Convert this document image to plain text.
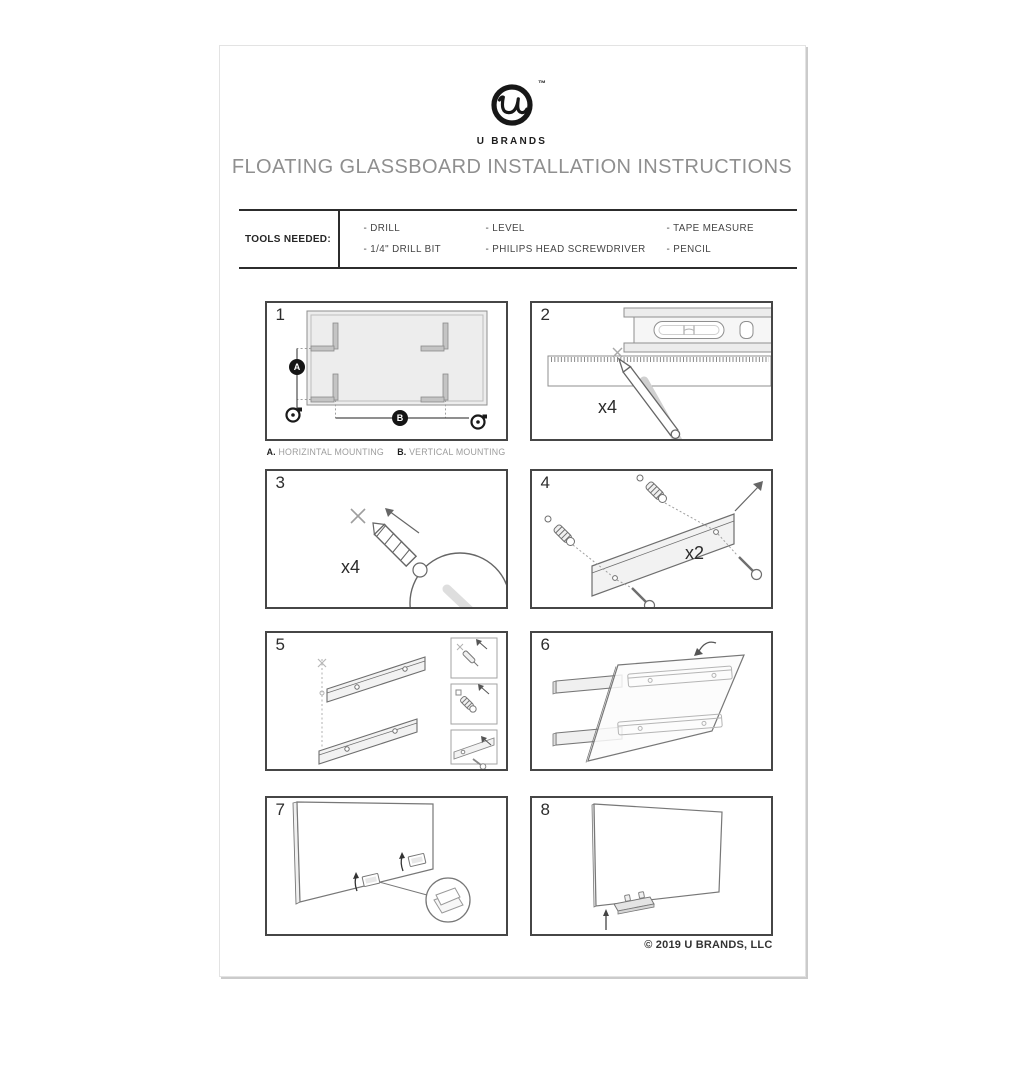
™
U BRANDS
FLOATING GLASSBOARD INSTALLATION INSTRUCTIONS
TOOLS NEEDED:
- DRILL	- LEVEL	- TAPE MEASURE
- 1/4" DRILL BIT	- PHILIPS HEAD SCREWDRIVER	- PENCIL
1
A
B
2
x4
A. HORIZINTAL MOUNTING B. VERTICAL MOUNTING
3
x4
4
x2
5	6
7	8
© 2019 U BRANDS, LLC
